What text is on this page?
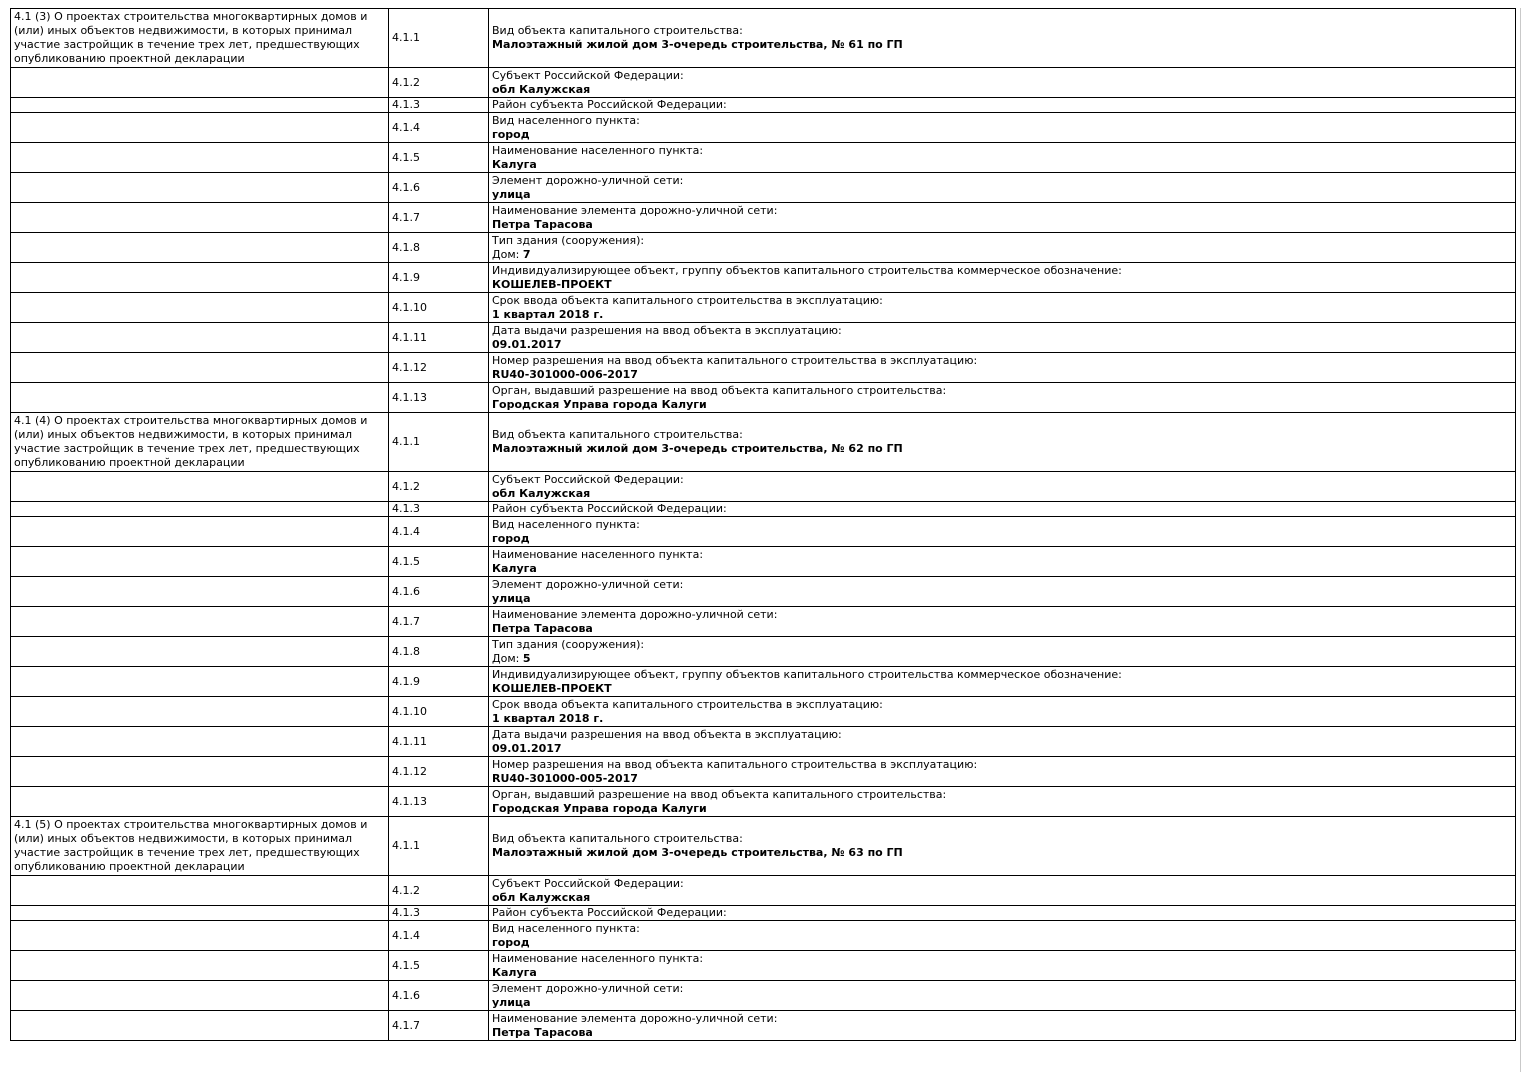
4.1 (3) О проектах строительства многоквартирных домов и (или) иных объектов недвижимости, в которых принимал участие застройщик в течение трех лет, предшествующих опубликованию проектной декларации	4.1.1	Вид объекта капитального строительства:
Малоэтажный жилой дом 3-очередь строительства, № 61 по ГП

	4.1.2	Субъект Российской Федерации:
обл Калужская

	4.1.3	Район субъекта Российской Федерации:

	4.1.4	Вид населенного пункта:
город

	4.1.5	Наименование населенного пункта:
Калуга

	4.1.6	Элемент дорожно-уличной сети:
улица

	4.1.7	Наименование элемента дорожно-уличной сети:
Петра Тарасова

	4.1.8	Тип здания (сооружения):
Дом: 7

	4.1.9	Индивидуализирующее объект, группу объектов капитального строительства коммерческое обозначение:
КОШЕЛЕВ-ПРОЕКТ

	4.1.10	Срок ввода объекта капитального строительства в эксплуатацию:
1 квартал 2018 г.

	4.1.11	Дата выдачи разрешения на ввод объекта в эксплуатацию:
09.01.2017

	4.1.12	Номер разрешения на ввод объекта капитального строительства в эксплуатацию:
RU40-301000-006-2017

	4.1.13	Орган, выдавший разрешение на ввод объекта капитального строительства:
Городская Управа города Калуги

4.1 (4) О проектах строительства многоквартирных домов и (или) иных объектов недвижимости, в которых принимал участие застройщик в течение трех лет, предшествующих опубликованию проектной декларации	4.1.1	Вид объекта капитального строительства:
Малоэтажный жилой дом 3-очередь строительства, № 62 по ГП

	4.1.2	Субъект Российской Федерации:
обл Калужская

	4.1.3	Район субъекта Российской Федерации:

	4.1.4	Вид населенного пункта:
город

	4.1.5	Наименование населенного пункта:
Калуга

	4.1.6	Элемент дорожно-уличной сети:
улица

	4.1.7	Наименование элемента дорожно-уличной сети:
Петра Тарасова

	4.1.8	Тип здания (сооружения):
Дом: 5

	4.1.9	Индивидуализирующее объект, группу объектов капитального строительства коммерческое обозначение:
КОШЕЛЕВ-ПРОЕКТ

	4.1.10	Срок ввода объекта капитального строительства в эксплуатацию:
1 квартал 2018 г.

	4.1.11	Дата выдачи разрешения на ввод объекта в эксплуатацию:
09.01.2017

	4.1.12	Номер разрешения на ввод объекта капитального строительства в эксплуатацию:
RU40-301000-005-2017

	4.1.13	Орган, выдавший разрешение на ввод объекта капитального строительства:
Городская Управа города Калуги

4.1 (5) О проектах строительства многоквартирных домов и (или) иных объектов недвижимости, в которых принимал участие застройщик в течение трех лет, предшествующих опубликованию проектной декларации	4.1.1	Вид объекта капитального строительства:
Малоэтажный жилой дом 3-очередь строительства, № 63 по ГП

	4.1.2	Субъект Российской Федерации:
обл Калужская

	4.1.3	Район субъекта Российской Федерации:

	4.1.4	Вид населенного пункта:
город

	4.1.5	Наименование населенного пункта:
Калуга

	4.1.6	Элемент дорожно-уличной сети:
улица

	4.1.7	Наименование элемента дорожно-уличной сети:
Петра Тарасова
